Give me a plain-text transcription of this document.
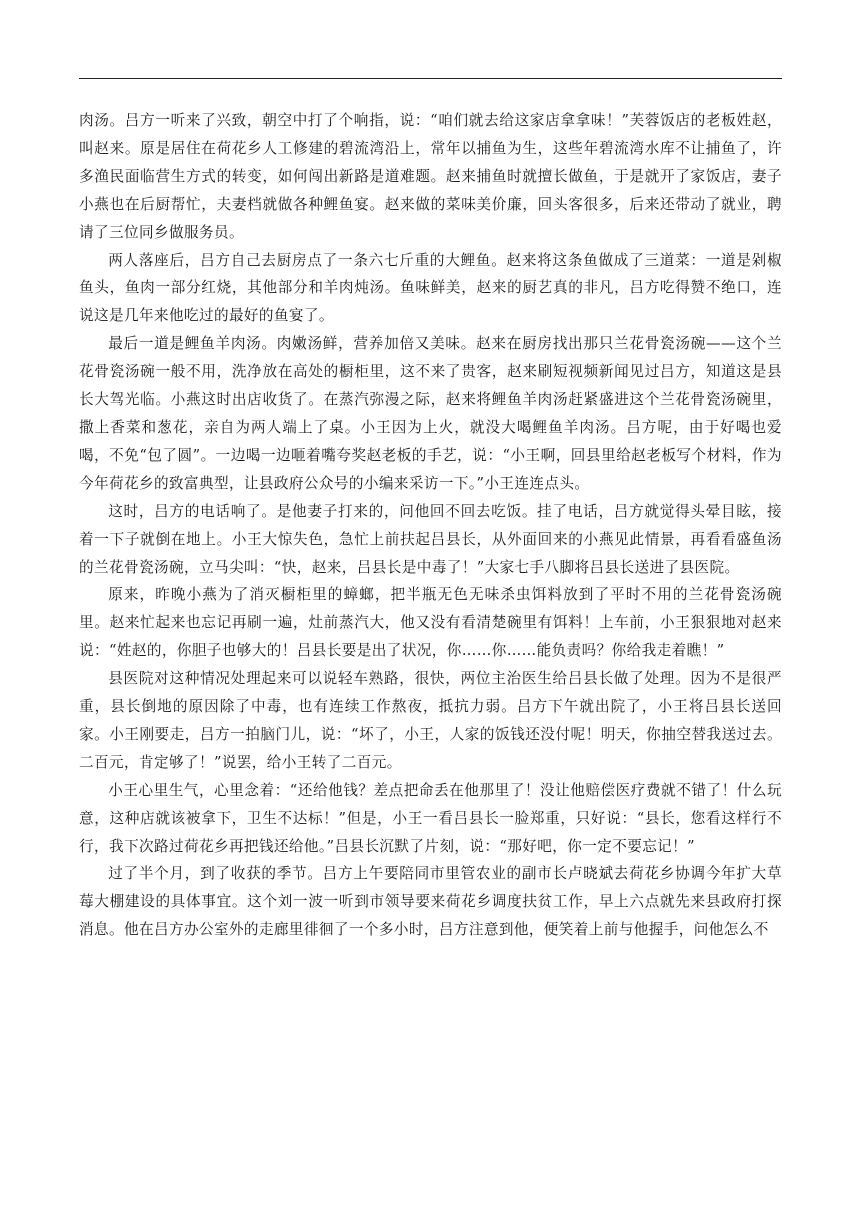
肉汤。吕方一听来了兴致，朝空中打了个响指，说：“咱们就去给这家店拿拿味！”芙蓉饭店的老板姓赵，叫赵来。原是居住在荷花乡人工修建的碧流湾沿上，常年以捕鱼为生，这些年碧流湾水库不让捕鱼了，许多渔民面临营生方式的转变，如何闯出新路是道难题。赵来捕鱼时就擅长做鱼，于是就开了家饭店，妻子小燕也在后厨帮忙，夫妻档就做各种鲤鱼宴。赵来做的菜味美价廉，回头客很多，后来还带动了就业，聘请了三位同乡做服务员。

两人落座后，吕方自己去厨房点了一条六七斤重的大鲤鱼。赵来将这条鱼做成了三道菜：一道是剁椒鱼头，鱼肉一部分红烧，其他部分和羊肉炖汤。鱼味鲜美，赵来的厨艺真的非凡，吕方吃得赞不绝口，连说这是几年来他吃过的最好的鱼宴了。

最后一道是鲤鱼羊肉汤。肉嫩汤鲜，营养加倍又美味。赵来在厨房找出那只兰花骨瓷汤碗——这个兰花骨瓷汤碗一般不用，洗净放在高处的橱柜里，这不来了贵客，赵来刷短视频新闻见过吕方，知道这是县长大驾光临。小燕这时出店收货了。在蒸汽弥漫之际，赵来将鲤鱼羊肉汤赶紧盛进这个兰花骨瓷汤碗里，撒上香菜和葱花，亲自为两人端上了桌。小王因为上火，就没大喝鲤鱼羊肉汤。吕方呢，由于好喝也爱喝，不免“包了圆”。一边喝一边咂着嘴夸奖赵老板的手艺，说：“小王啊，回县里给赵老板写个材料，作为今年荷花乡的致富典型，让县政府公众号的小编来采访一下。”小王连连点头。

这时，吕方的电话响了。是他妻子打来的，问他回不回去吃饭。挂了电话，吕方就觉得头晕目眩，接着一下子就倒在地上。小王大惊失色，急忙上前扶起吕县长，从外面回来的小燕见此情景，再看看盛鱼汤的兰花骨瓷汤碗，立马尖叫：“快，赵来，吕县长是中毒了！”大家七手八脚将吕县长送进了县医院。

原来，昨晚小燕为了消灭橱柜里的蟑螂，把半瓶无色无味杀虫饵料放到了平时不用的兰花骨瓷汤碗里。赵来忙起来也忘记再刷一遍，灶前蒸汽大，他又没有看清楚碗里有饵料！上车前，小王狠狠地对赵来说：“姓赵的，你胆子也够大的！吕县长要是出了状况，你……你……能负责吗？你给我走着瞧！”

县医院对这种情况处理起来可以说轻车熟路，很快，两位主治医生给吕县长做了处理。因为不是很严重，县长倒地的原因除了中毒，也有连续工作熬夜，抵抗力弱。吕方下午就出院了，小王将吕县长送回家。小王刚要走，吕方一拍脑门儿，说：“坏了，小王，人家的饭钱还没付呢！明天，你抽空替我送过去。二百元，肯定够了！”说罢，给小王转了二百元。

小王心里生气，心里念着：“还给他钱？差点把命丢在他那里了！没让他赔偿医疗费就不错了！什么玩意，这种店就该被拿下，卫生不达标！”但是，小王一看吕县长一脸郑重，只好说：“县长，您看这样行不行，我下次路过荷花乡再把钱还给他。”吕县长沉默了片刻，说：“那好吧，你一定不要忘记！”

过了半个月，到了收获的季节。吕方上午要陪同市里管农业的副市长卢晓斌去荷花乡协调今年扩大草莓大棚建设的具体事宜。这个刘一波一听到市领导要来荷花乡调度扶贫工作，早上六点就先来县政府打探消息。他在吕方办公室外的走廊里徘徊了一个多小时，吕方注意到他，便笑着上前与他握手，问他怎么不
